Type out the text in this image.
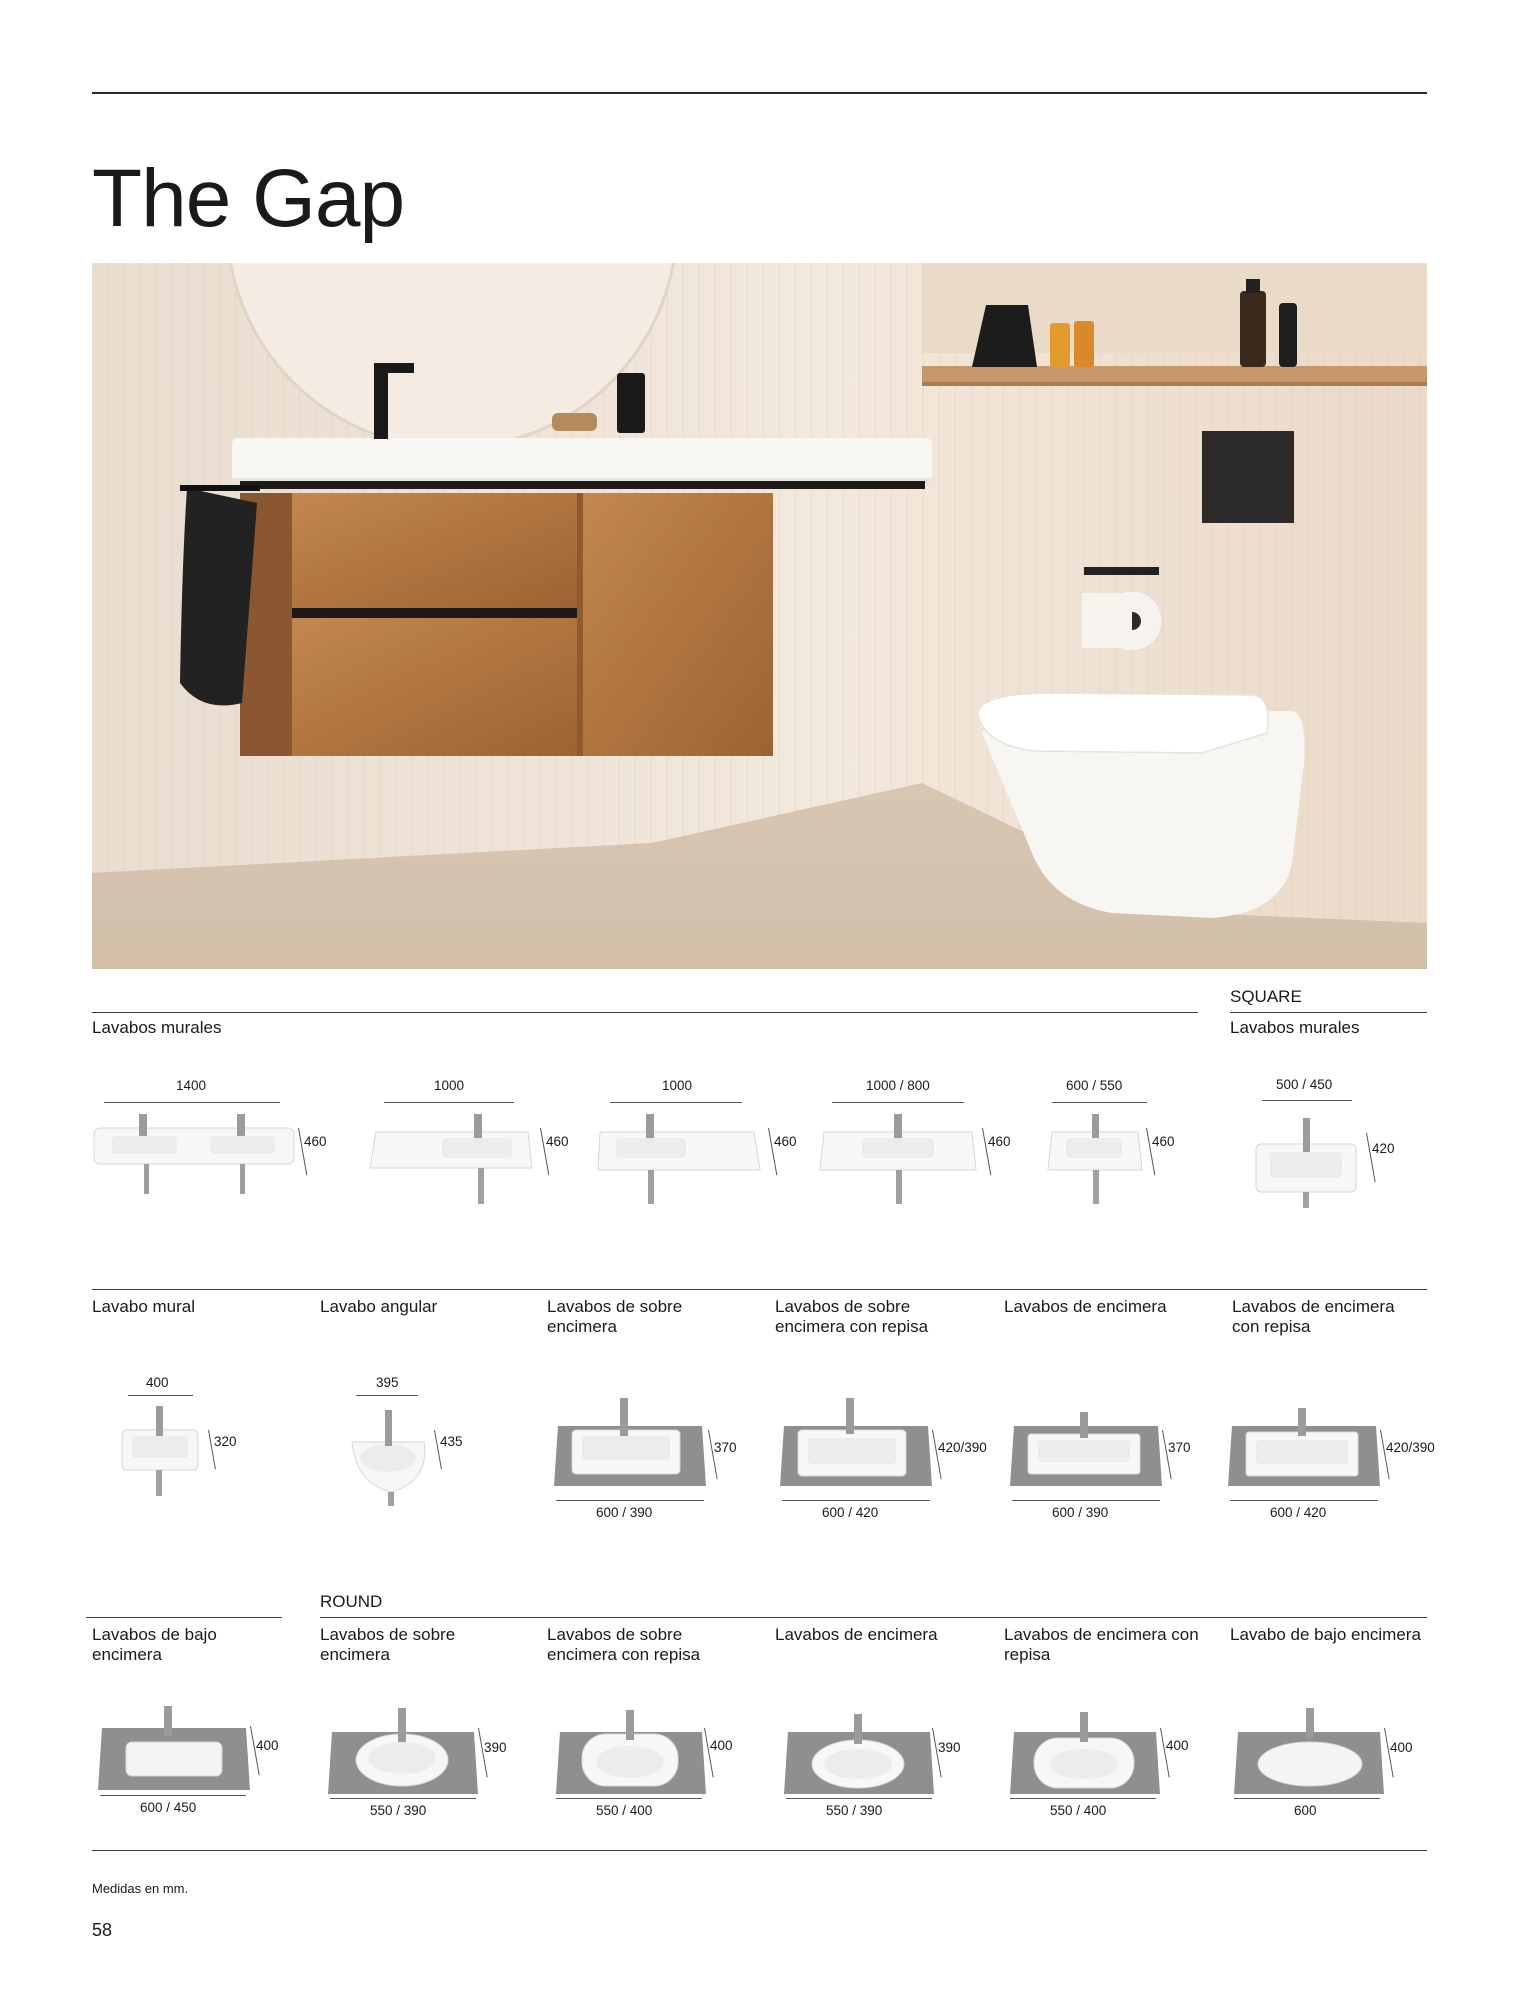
The Gap
SQUARE
Lavabos murales	Lavabos murales
1400
460
1000
460
1000
460
1000 / 800
460
600 / 550
460
500 / 450
420
Lavabo mural	Lavabo angular	Lavabos de sobre encimera
Lavabos de sobre encimera con repisa
Lavabos de encimera	Lavabos de encimera con repisa
400
320
395
435	370
600 / 390
420/390
600 / 420
370
600 / 390
420/390
600 / 420
ROUND
Lavabos de bajo encimera
Lavabos de sobre encimera
Lavabos de sobre encimera con repisa
Lavabos de encimera	Lavabos de encimera con repisa
Lavabo de bajo encimera
400
600 / 450
390
550 / 390
400
550 / 400
390
550 / 390
400
550 / 400
400
600
Medidas en mm.
58
